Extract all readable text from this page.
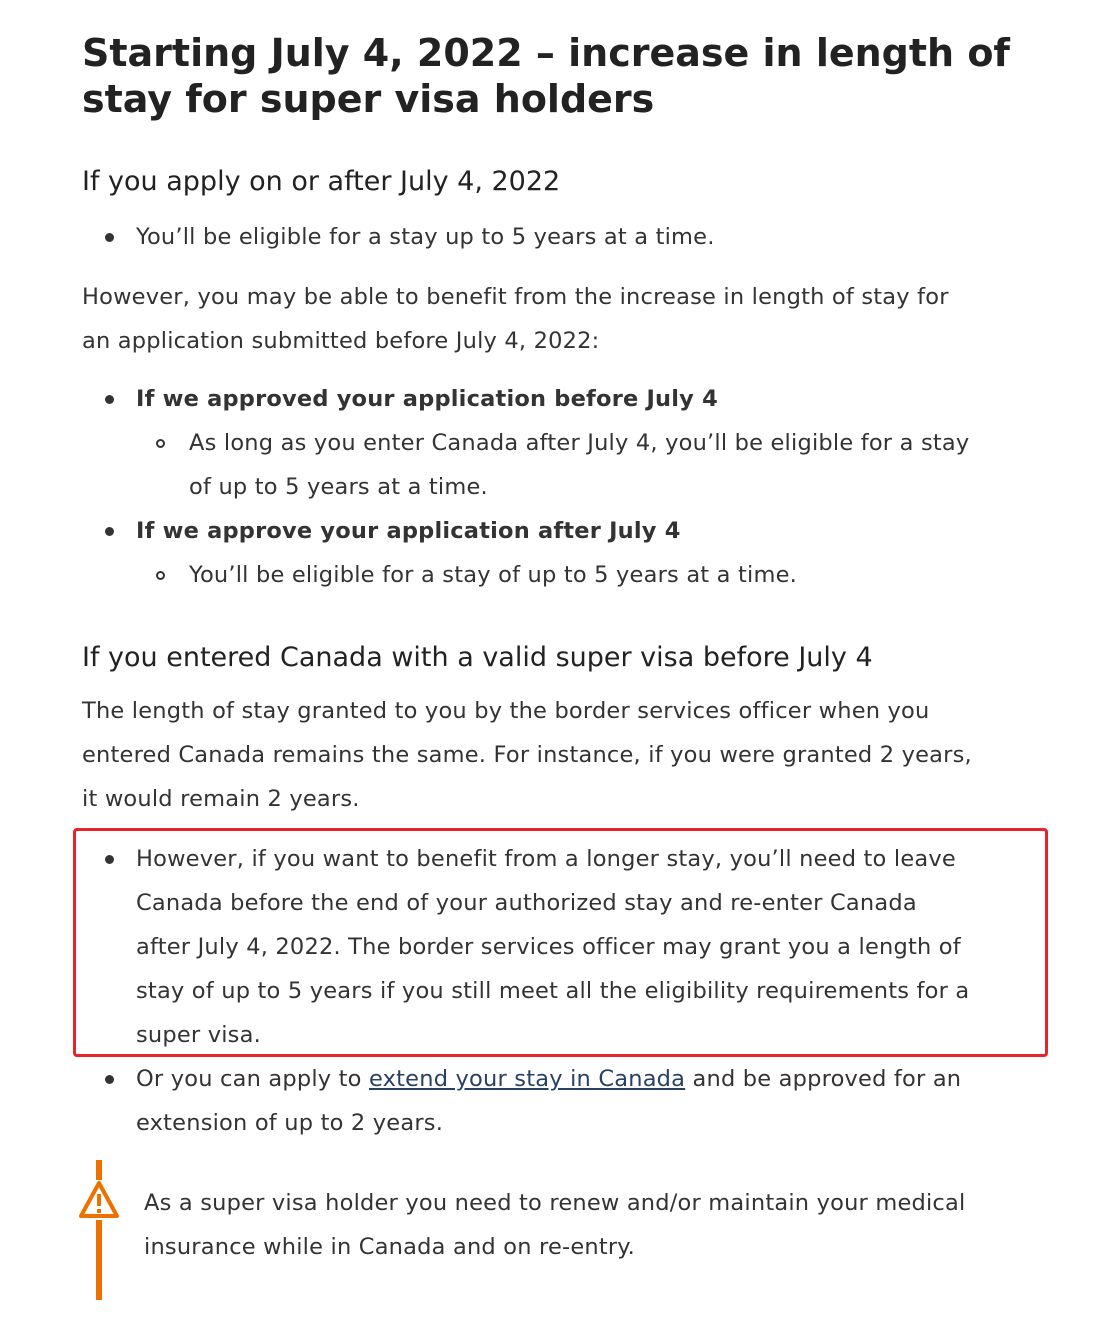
Starting July 4, 2022 – increase in length of stay for super visa holders
If you apply on or after July 4, 2022

You’ll be eligible for a stay up to 5 years at a time.

However, you may be able to benefit from the increase in length of stay for

an application submitted before July 4, 2022:

If we approved your application before July 4

As long as you enter Canada after July 4, you’ll be eligible for a stay

of up to 5 years at a time.

If we approve your application after July 4

You’ll be eligible for a stay of up to 5 years at a time.

If you entered Canada with a valid super visa before July 4

The length of stay granted to you by the border services officer when you

entered Canada remains the same. For instance, if you were granted 2 years,

it would remain 2 years.

However, if you want to benefit from a longer stay, you’ll need to leave

Canada before the end of your authorized stay and re-enter Canada

after July 4, 2022. The border services officer may grant you a length of

stay of up to 5 years if you still meet all the eligibility requirements for a

super visa.

Or you can apply to extend your stay in Canada and be approved for an

extension of up to 2 years.

As a super visa holder you need to renew and/or maintain your medical

insurance while in Canada and on re-entry.
